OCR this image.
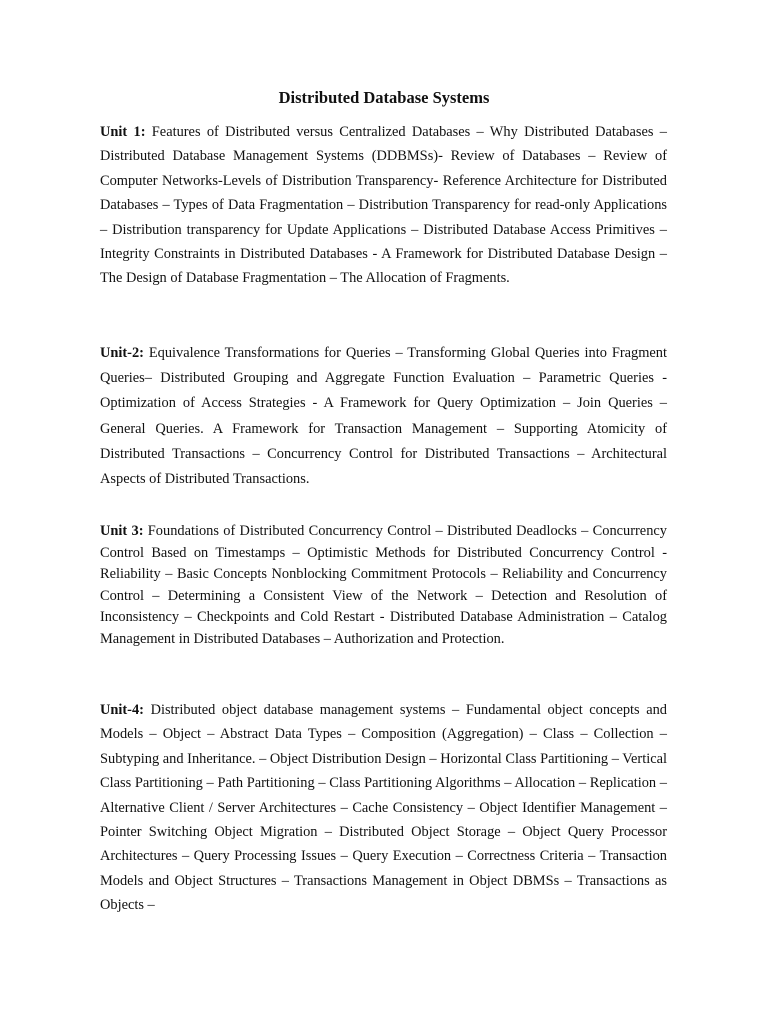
Distributed Database Systems

Unit 1: Features of Distributed versus Centralized Databases – Why Distributed Databases – Distributed Database Management Systems (DDBMSs)- Review of Databases – Review of Computer Networks-Levels of Distribution Transparency- Reference Architecture for Distributed Databases – Types of Data Fragmentation – Distribution Transparency for read-only Applications – Distribution transparency for Update Applications – Distributed Database Access Primitives – Integrity Constraints in Distributed Databases - A Framework for Distributed Database Design – The Design of Database Fragmentation – The Allocation of Fragments.

Unit-2: Equivalence Transformations for Queries – Transforming Global Queries into Fragment Queries– Distributed Grouping and Aggregate Function Evaluation – Parametric Queries -Optimization of Access Strategies - A Framework for Query Optimization – Join Queries – General Queries. A Framework for Transaction Management – Supporting Atomicity of Distributed Transactions – Concurrency Control for Distributed Transactions – Architectural Aspects of Distributed Transactions.

Unit 3: Foundations of Distributed Concurrency Control – Distributed Deadlocks – Concurrency Control Based on Timestamps – Optimistic Methods for Distributed Concurrency Control - Reliability – Basic Concepts Nonblocking Commitment Protocols – Reliability and Concurrency Control – Determining a Consistent View of the Network – Detection and Resolution of Inconsistency – Checkpoints and Cold Restart - Distributed Database Administration – Catalog Management in Distributed Databases – Authorization and Protection.

Unit-4: Distributed object database management systems – Fundamental object concepts and Models – Object – Abstract Data Types – Composition (Aggregation) – Class – Collection – Subtyping and Inheritance. – Object Distribution Design – Horizontal Class Partitioning – Vertical Class Partitioning – Path Partitioning – Class Partitioning Algorithms – Allocation – Replication – Alternative Client / Server Architectures – Cache Consistency – Object Identifier Management – Pointer Switching Object Migration – Distributed Object Storage – Object Query Processor Architectures – Query Processing Issues – Query Execution – Correctness Criteria – Transaction Models and Object Structures – Transactions Management in Object DBMSs – Transactions as Objects –
